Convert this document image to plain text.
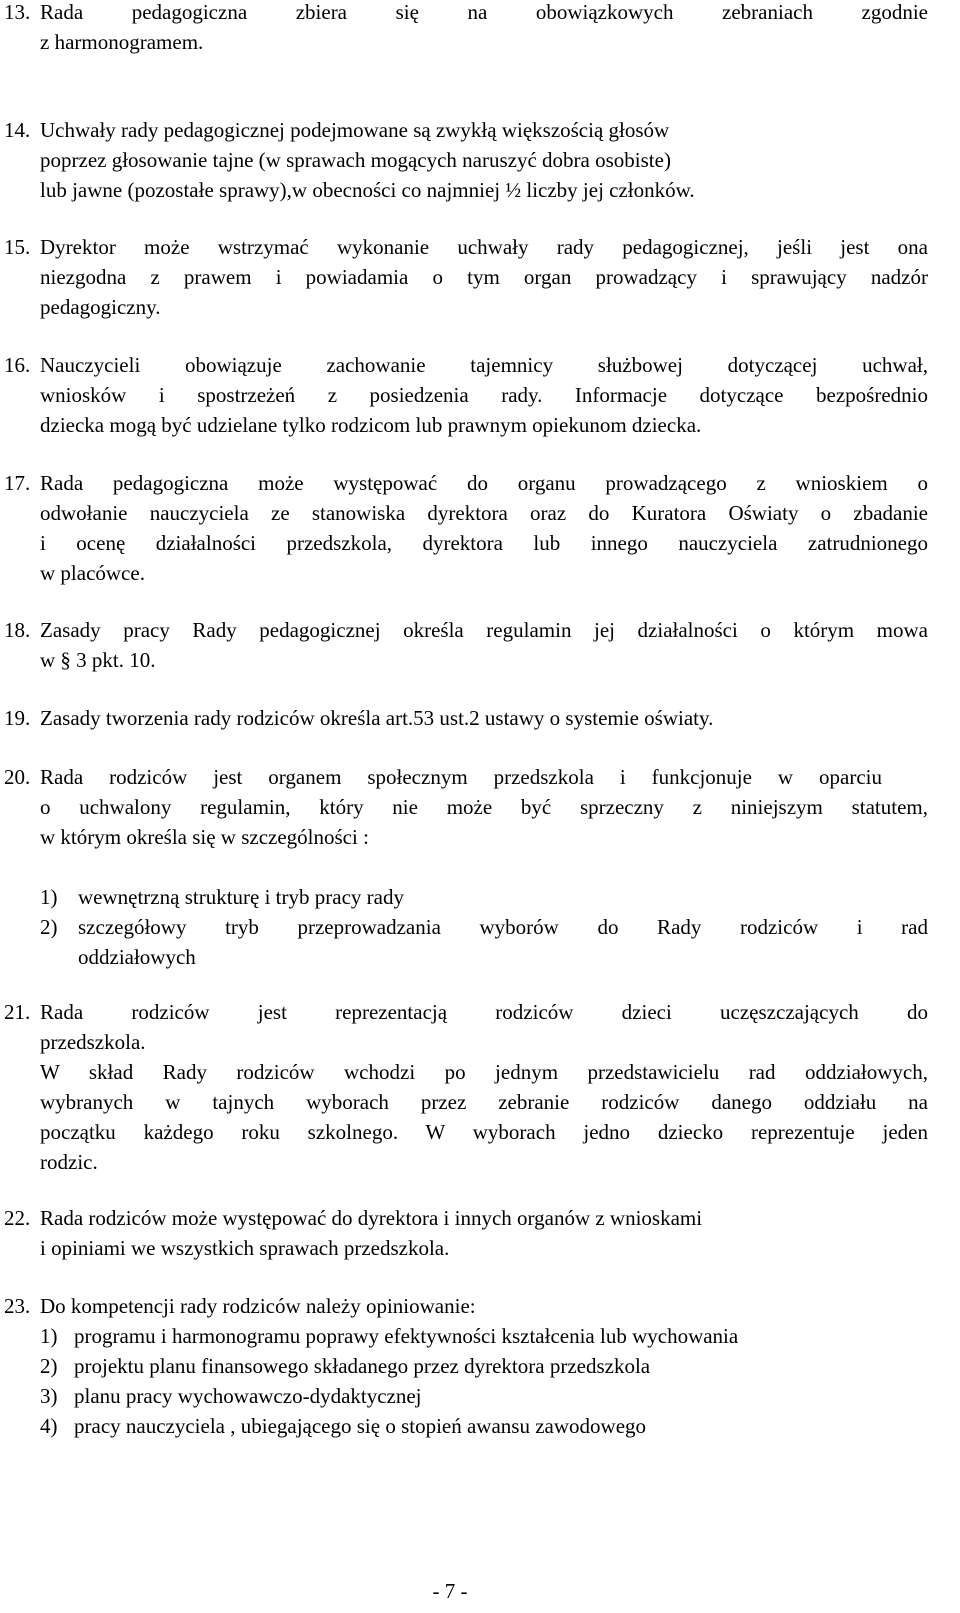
13. Rada pedagogiczna zbiera się na obowiązkowych zebraniach zgodnie
z harmonogramem.
14. Uchwały rady pedagogicznej podejmowane są zwykłą większością głosów
poprzez głosowanie tajne (w sprawach mogących naruszyć dobra osobiste)
lub jawne (pozostałe sprawy),w obecności co najmniej ½ liczby jej członków.
15. Dyrektor może wstrzymać wykonanie uchwały rady pedagogicznej, jeśli jest ona
niezgodna z prawem i powiadamia o tym organ prowadzący i sprawujący nadzór
pedagogiczny.
16. Nauczycieli obowiązuje zachowanie tajemnicy służbowej dotyczącej uchwał,
wniosków i spostrzeżeń z posiedzenia rady. Informacje dotyczące bezpośrednio
dziecka mogą być udzielane tylko rodzicom lub prawnym opiekunom dziecka.
17. Rada pedagogiczna może występować do organu prowadzącego z wnioskiem o
odwołanie nauczyciela ze stanowiska dyrektora oraz do Kuratora Oświaty o zbadanie
i ocenę działalności przedszkola, dyrektora lub innego nauczyciela zatrudnionego
w placówce.
18. Zasady pracy Rady pedagogicznej określa regulamin jej działalności o którym mowa
w § 3 pkt. 10.
19. Zasady tworzenia rady rodziców określa art.53 ust.2 ustawy o systemie oświaty.
20. Rada rodziców jest organem społecznym przedszkola i funkcjonuje w oparciu
o uchwalony regulamin, który nie może być sprzeczny z niniejszym statutem,
w którym określa się w szczególności :
1) wewnętrzną strukturę i tryb pracy rady
2) szczegółowy tryb przeprowadzania wyborów do Rady rodziców i rad
oddziałowych
21. Rada rodziców jest reprezentacją rodziców dzieci uczęszczających do
przedszkola.
W skład Rady rodziców wchodzi po jednym przedstawicielu rad oddziałowych,
wybranych w tajnych wyborach przez zebranie rodziców danego oddziału na
początku każdego roku szkolnego. W wyborach jedno dziecko reprezentuje jeden
rodzic.
22. Rada rodziców może występować do dyrektora i innych organów z wnioskami
i opiniami we wszystkich sprawach przedszkola.
23. Do kompetencji rady rodziców należy opiniowanie:
1) programu i harmonogramu poprawy efektywności kształcenia lub wychowania
2) projektu planu finansowego składanego przez dyrektora przedszkola
3) planu pracy wychowawczo-dydaktycznej
4) pracy nauczyciela , ubiegającego się o stopień awansu zawodowego
- 7 -
